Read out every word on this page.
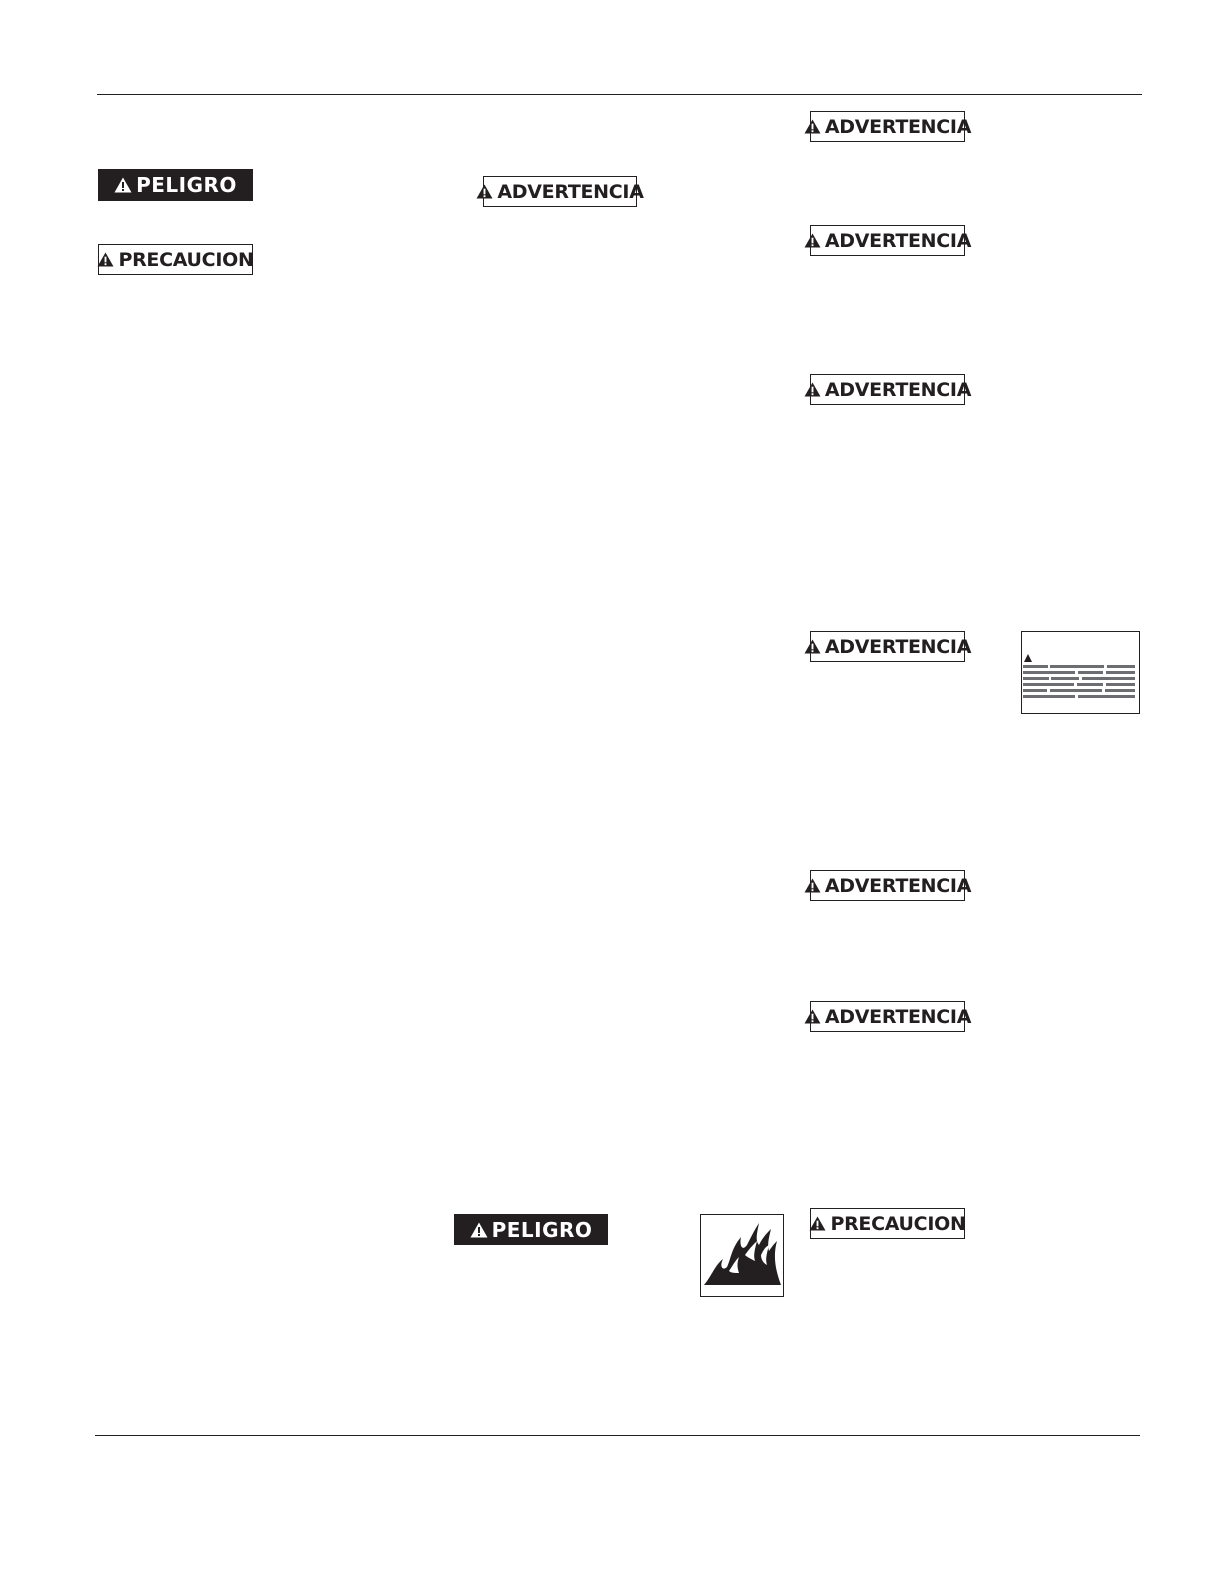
PELIGRO
PRECAUCION
ADVERTENCIA
PELIGRO
ADVERTENCIA
ADVERTENCIA
ADVERTENCIA
ADVERTENCIA
ADVERTENCIA
ADVERTENCIA
PRECAUCION
